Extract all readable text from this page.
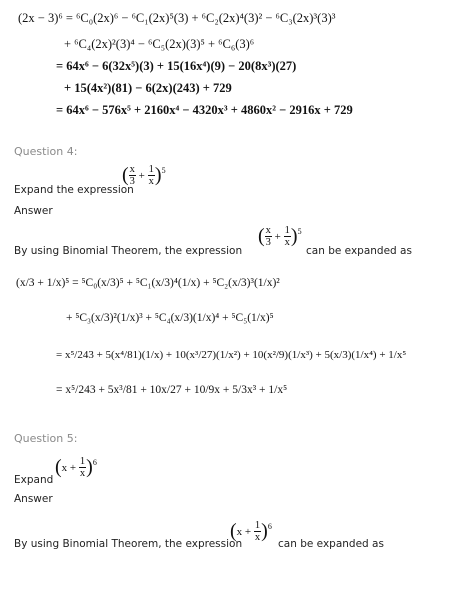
(2x − 3)⁶ = ⁶C₀(2x)⁶ − ⁶C₁(2x)⁵(3) + ⁶C₂(2x)⁴(3)² − ⁶C₃(2x)³(3)³
+ ⁶C₄(2x)²(3)⁴ − ⁶C₅(2x)(3)⁵ + ⁶C₆(3)⁶
= 64x⁶ − 6(32x⁵)(3) + 15(16x⁴)(9) − 20(8x³)(27)
+ 15(4x²)(81) − 6(2x)(243) + 729
= 64x⁶ − 576x⁵ + 2160x⁴ − 4320x³ + 4860x² − 2916x + 729
Question 4:
Expand the expression
( $\frac{x}{3} + \frac{1}{x} )^5$
Answer
By using Binomial Theorem, the expression
( $\frac{x}{3} + \frac{1}{x} )^5$
can be expanded as
(x/3 + 1/x)⁵ = ⁵C₀(x/3)⁵ + ⁵C₁(x/3)⁴(1/x) + ⁵C₂(x/3)³(1/x)²
+ ⁵C₃(x/3)²(1/x)³ + ⁵C₄(x/3)(1/x)⁴ + ⁵C₅(1/x)⁵
= x⁵/243 + 5(x⁴/81)(1/x) + 10(x³/27)(1/x²) + 10(x²/9)(1/x³) + 5(x/3)(1/x⁴) + 1/x⁵
= x⁵/243 + 5x³/81 + 10x/27 + 10/9x + 5/3x³ + 1/x⁵
Question 5:
Expand
$(x + \frac{1}{x} )^6$
Answer
By using Binomial Theorem, the expression
$(x + \frac{1}{x} )^6$
can be expanded as
